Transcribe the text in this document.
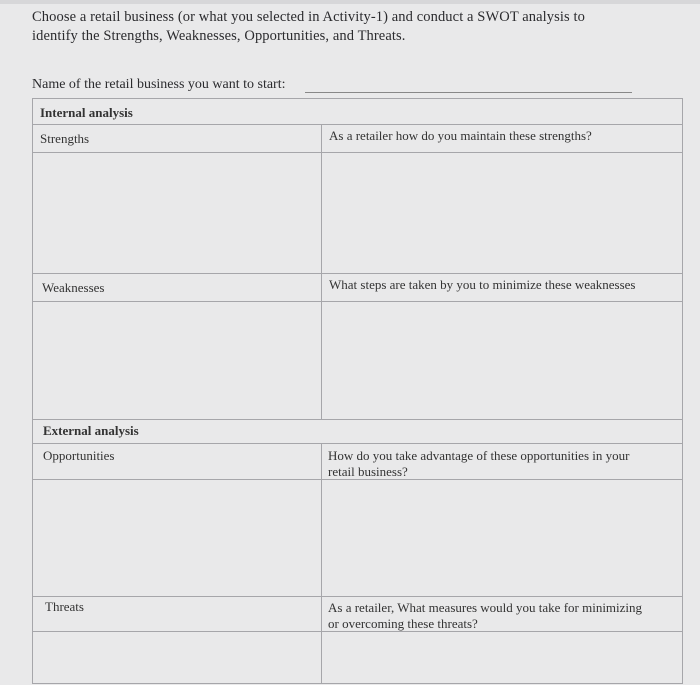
Choose a retail business (or what you selected in Activity-1) and conduct a SWOT analysis to

identify the Strengths, Weaknesses, Opportunities, and Threats.

Name of the retail business you want to start:
Internal analysis
Strengths	As a retailer how do you maintain these strengths?
Weaknesses	What steps are taken by you to minimize these weaknesses
External analysis
Opportunities	How do you take advantage of these opportunities in your
retail business?
Threats	As a retailer, What measures would you take for minimizing
or overcoming these threats?
